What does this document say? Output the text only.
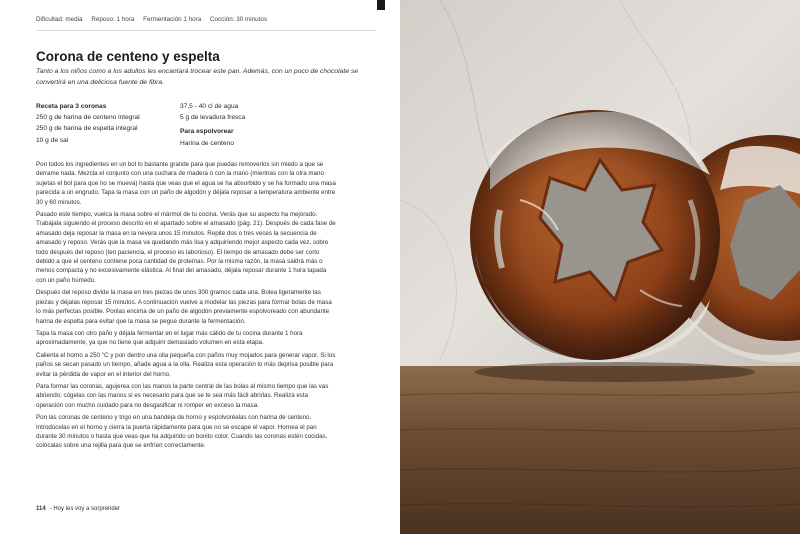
Dificultad: media Reposo: 1 hora Fermentación 1 hora Cocción: 30 minutos
Corona de centeno y espelta
Tanto a los niños como a los adultos les encantará trocear este pan. Además, con un poco de chocolate se convertirá en una deliciosa fuente de fibra.
Receta para 3 coronas
250 g de harina de centeno integral
250 g de harina de espelta integral
10 g de sal
37,5 - 40 cl de agua
5 g de levadura fresca
Para espolvorear
Harina de centeno

Pon todos los ingredientes en un bol lo bastante grande para que puedas removerlos sin miedo a que se derrame nada. Mezcla el conjunto con una cuchara de madera o con la mano (mientras con la otra mano sujetas el bol para que no se mueva) hasta que veas que el agua se ha absorbido y se ha formado una masa parecida a un engrudo. Tapa la masa con un paño de algodón y déjala reposar a temperatura ambiente entre 30 y 60 minutos.

Pasado este tiempo, vuelca la masa sobre el mármol de tu cocina. Verás que su aspecto ha mejorado. Trabájala siguiendo el proceso descrito en el apartado sobre el amasado (pág. 21). Después de cada fase de amasado deja reposar la masa en la nevera unos 15 minutos. Repite dos o tres veces la secuencia de amasado y reposo. Verás que la masa va quedando más lisa y adquiriendo mejor aspecto cada vez, sobre todo después del reposo (ten paciencia, el proceso es laborioso). El tiempo de amasado debe ser corto debido a que el centeno contiene poca cantidad de proteínas. Por la misma razón, la masa saldrá más o menos compacta y no excesivamente elástica. Al final del amasado, déjala reposar durante 1 hora tapada con un paño húmedo.

Después del reposo divide la masa en tres piezas de unos 300 gramos cada una. Bolea ligeramente las piezas y déjalas reposar 15 minutos. A continuación vuelve a modelar las piezas para formar bolas de masa lo más perfectas posible. Ponlas encima de un paño de algodón previamente espolvoreado con abundante harina de espelta para evitar que la masa se pegue durante la fermentación.

Tapa la masa con otro paño y déjala fermentar en el lugar más cálido de tu cocina durante 1 hora aproximadamente, ya que no tiene que adquirir demasiado volumen en esta etapa.

Calienta el horno a 250 °C y pon dentro una olla pequeña con paños muy mojados para generar vapor. Si los paños se secan pasado un tiempo, añade agua a la olla. Realiza esta operación lo más deprisa posible para evitar la pérdida de vapor en el interior del horno.

Para formar las coronas, agujerea con las manos la parte central de las bolas al mismo tiempo que las vas abriendo; cógelas con las manos si es necesario para que se te sea más fácil abrirlas. Realiza esta operación con mucho cuidado para no desgasificar ni romper en exceso la masa.

Pon las coronas de centeno y trigo en una bandeja de horno y espolvoréalas con harina de centeno. Introdúcelas en el horno y cierra la puerta rápidamente para que no se escape el vapor. Hornea el pan durante 30 minutos o hasta que veas que ha adquirido un bonito color. Cuando las coronas estén cocidas, colócalas sobre una rejilla para que se enfríen correctamente.

114 - Hoy les voy a sorprender
